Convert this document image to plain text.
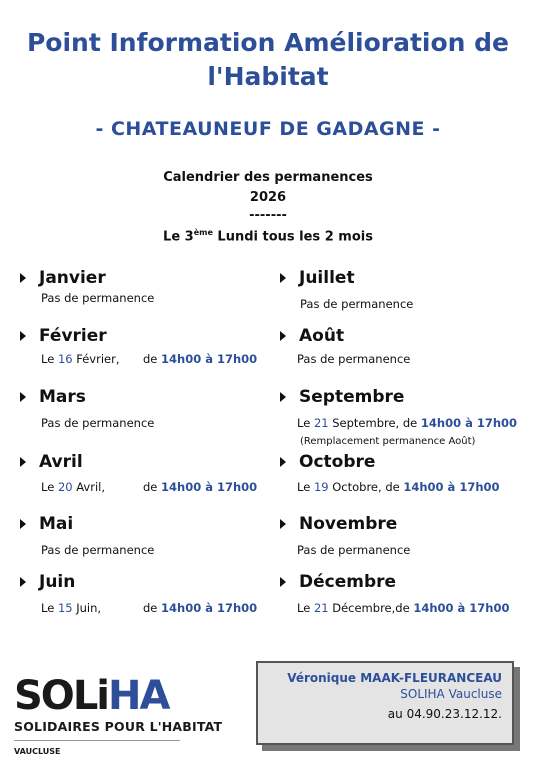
Point Information Amélioration de
l'Habitat
- CHATEAUNEUF DE GADAGNE -
Calendrier des permanences
2026
-------
Le 3ème Lundi tous les 2 mois
Janvier
Pas de permanence
Février
Le 16 Février, de 14h00 à 17h00
Mars
Pas de permanence
Avril
Le 20 Avril,	de 14h00 à 17h00
Mai
Pas de permanence
Juin
Le 15 Juin,	de 14h00 à 17h00
Juillet
Pas de permanence
Août
Pas de permanence
Septembre
Le 21 Septembre, de 14h00 à 17h00
(Remplacement permanence Août)
Octobre
Le 19 Octobre, de 14h00 à 17h00
Novembre
Pas de permanence
Décembre
Le 21 Décembre,de 14h00 à 17h00
SOLiHA
SOLIDAIRES POUR L'HABITAT
VAUCLUSE
Véronique MAAK-FLEURANCEAU
SOLIHA Vaucluse
au 04.90.23.12.12.
